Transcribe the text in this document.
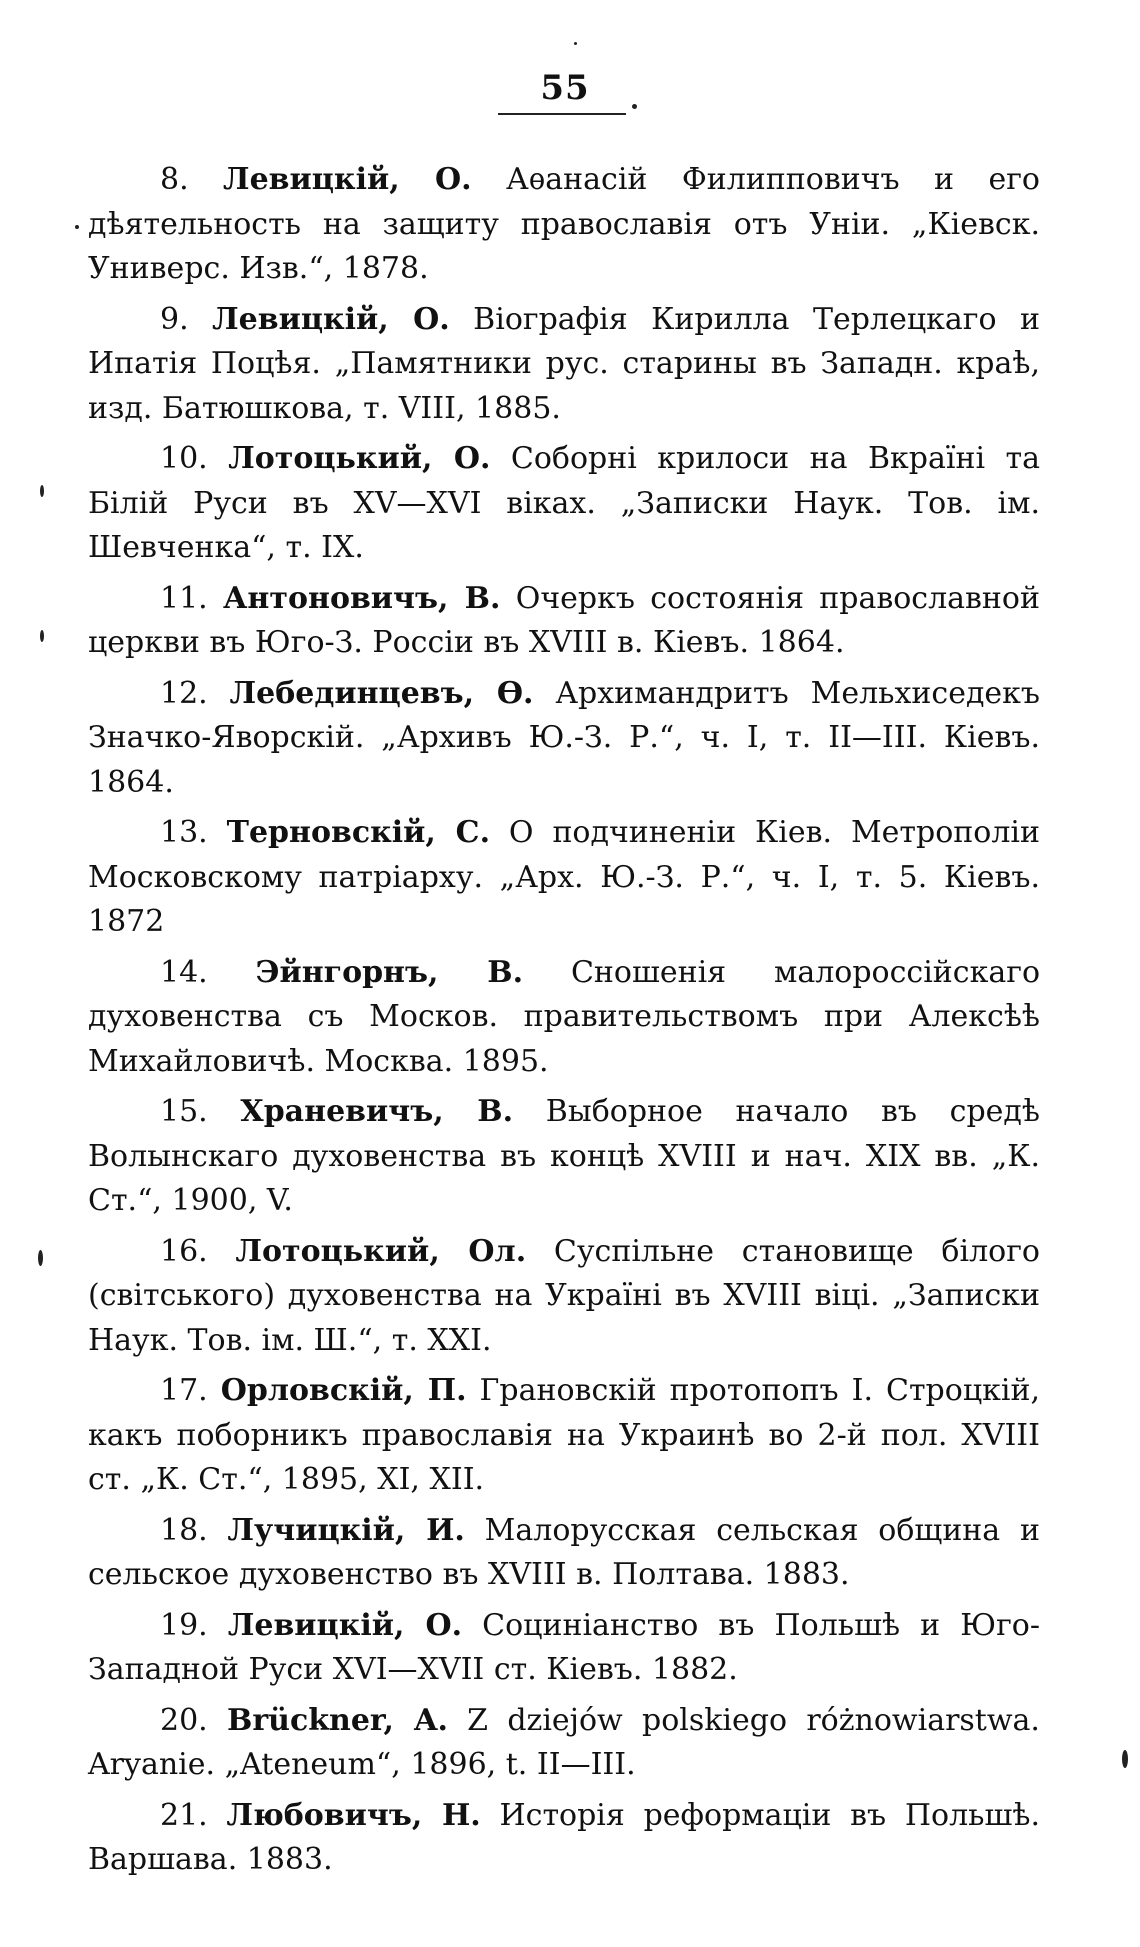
55

8. Левицкій, О. Аѳанасій Филипповичъ и его дѣятельность на защиту православія отъ Уніи. „Кіевск. Универс. Изв.“, 1878.

9. Левицкій, О. Віографія Кирилла Терлецкаго и Ипатія Поцѣя. „Памятники рус. старины въ Западн. краѣ, изд. Батюшкова, т. VIII, 1885.

10. Лотоцький, О. Соборні крилоси на Вкраїні та Білій Руси въ XV—XVI віках. „Записки Наук. Тов. ім. Шевченка“, т. IX.

11. Антоновичъ, В. Очеркъ состоянія православной церкви въ Юго-З. Россіи въ XVIII в. Кіевъ. 1864.

12. Лебединцевъ, Ѳ. Архимандритъ Мельхиседекъ Значко-Яворскій. „Архивъ Ю.-З. Р.“, ч. I, т. II—III. Кіевъ. 1864.

13. Терновскій, С. О подчиненіи Кіев. Метрополіи Московскому патріарху. „Арх. Ю.-З. Р.“, ч. I, т. 5. Кіевъ. 1872

14. Эйнгорнъ, В. Сношенія малороссійскаго духовенства съ Москов. правительствомъ при Алексѣѣ Михайловичѣ. Москва. 1895.

15. Храневичъ, В. Выборное начало въ средѣ Волынскаго духовенства въ концѣ XVIII и нач. XIX вв. „К. Ст.“, 1900, V.

16. Лотоцький, Ол. Суспільне становище білого (світського) духовенства на Україні въ XVIII віці. „Записки Наук. Тов. ім. Ш.“, т. XXI.

17. Орловскій, П. Грановскій протопопъ I. Строцкій, какъ поборникъ православія на Украинѣ во 2-й пол. XVIII ст. „К. Ст.“, 1895, XI, XII.

18. Лучицкій, И. Малорусская сельская община и сельское духовенство въ XVIII в. Полтава. 1883.

19. Левицкій, О. Социніанство въ Польшѣ и Юго-Западной Руси XVI—XVII ст. Кіевъ. 1882.

20. Brückner, A. Z dziejów polskiego różnowiarstwa. Aryanie. „Ateneum“, 1896, t. II—III.

21. Любовичъ, Н. Исторія реформаціи въ Польшѣ. Варшава. 1883.
